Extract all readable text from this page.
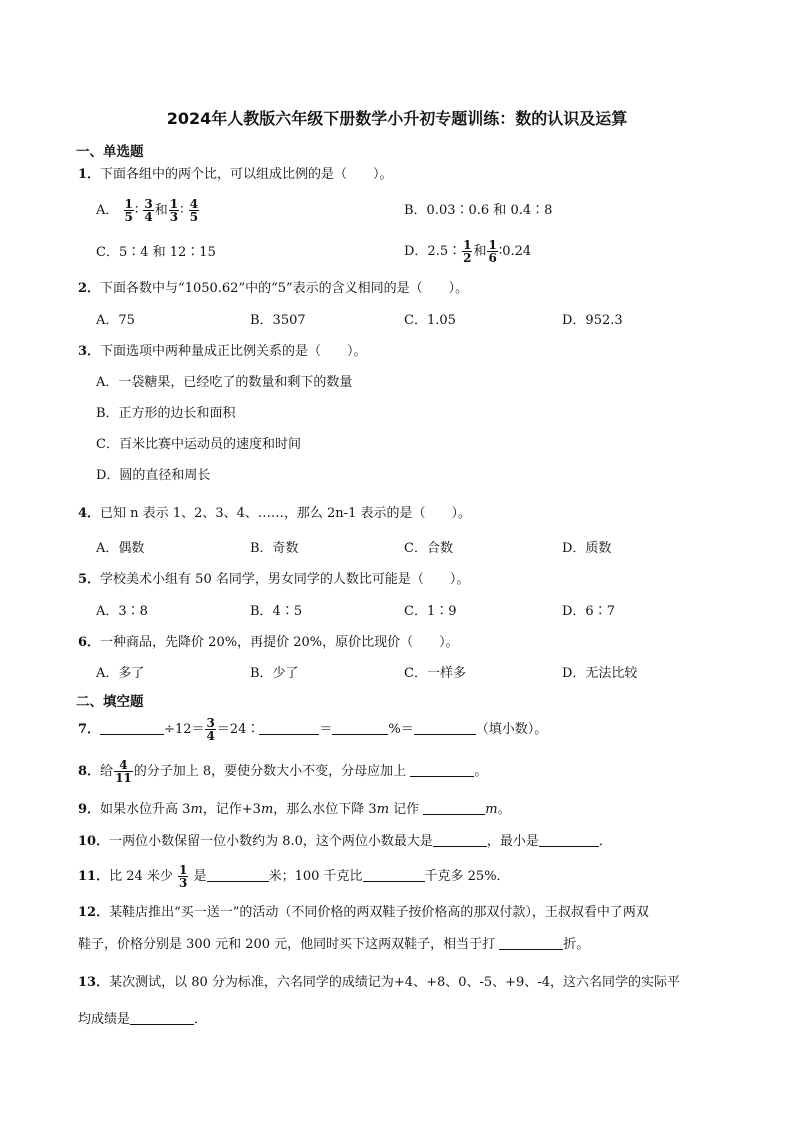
2024年人教版六年级下册数学小升初专题训练：数的认识及运算
一、单选题
1．下面各组中的两个比，可以组成比例的是（　　）。
A． $\frac{1}{5}$ ∶ $\frac{3}{4}$ 和 $\frac{1}{3}$ ∶ $\frac{4}{5}$	B．0.03∶0.6 和 0.4∶8
C．5∶4 和 12∶15	D．2.5∶ $\frac{1}{2}$ 和 $\frac{1}{6}$ ∶0.24
2．下面各数中与“1050.62”中的“5”表示的含义相同的是（　　）。
A．75	B．3507	C．1.05	D．952.3
3．下面选项中两种量成正比例关系的是（　　）。
A．一袋糖果，已经吃了的数量和剩下的数量
B．正方形的边长和面积
C．百米比赛中运动员的速度和时间
D．圆的直径和周长
4．已知 n 表示 1、2、3、4、……，那么 2n-1 表示的是（　　）。
A．偶数	B．奇数	C．合数	D．质数
5．学校美术小组有 50 名同学，男女同学的人数比可能是（　　）。
A．3∶8	B．4∶5	C．1∶9	D．6∶7
6．一种商品，先降价 20%，再提价 20%，原价比现价（　　）。
A．多了	B．少了	C．一样多	D．无法比较
二、填空题
7．	$\div 12= \frac{3}{4}$ ＝24∶	＝	%＝	（填小数）。
8．给 $\frac{4}{11}$ 的分子加上 8，要使分数大小不变，分母应加上	。
9．如果水位升高 3m，记作+3m，那么水位下降 3m 记作	m。
10．一两位小数保留一位小数约为 8.0，这个两位小数最大是	，最小是	．
11．比 24 米少 $\frac{1}{3}$ 是	米；100 千克比	千克多 25%．
12．某鞋店推出“买一送一”的活动（不同价格的两双鞋子按价格高的那双付款），王叔叔看中了两双
鞋子，价格分别是 300 元和 200 元，他同时买下这两双鞋子，相当于打	折。
13．某次测试，以 80 分为标准，六名同学的成绩记为+4、+8、0、-5、+9、-4，这六名同学的实际平
均成绩是	．
